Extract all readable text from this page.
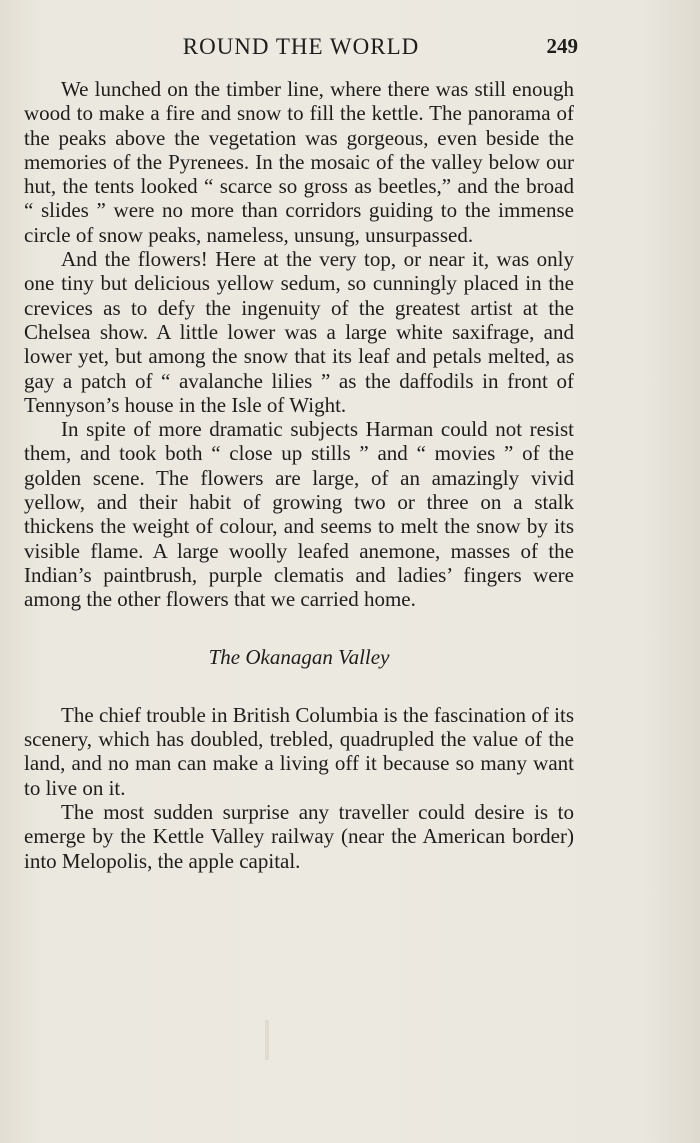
ROUND THE WORLD	249

We lunched on the timber line, where there was still enough wood to make a fire and snow to fill the kettle. The panorama of the peaks above the vegetation was gorgeous, even beside the memories of the Pyrenees. In the mosaic of the valley below our hut, the tents looked “ scarce so gross as beetles,” and the broad “ slides ” were no more than corridors guiding to the immense circle of snow peaks, nameless, unsung, unsurpassed.

And the flowers! Here at the very top, or near it, was only one tiny but delicious yellow sedum, so cunningly placed in the crevices as to defy the ingenuity of the greatest artist at the Chelsea show. A little lower was a large white saxifrage, and lower yet, but among the snow that its leaf and petals melted, as gay a patch of “ avalanche lilies ” as the daffodils in front of Tennyson’s house in the Isle of Wight.

In spite of more dramatic subjects Harman could not resist them, and took both “ close up stills ” and “ movies ” of the golden scene. The flowers are large, of an amazingly vivid yellow, and their habit of growing two or three on a stalk thickens the weight of colour, and seems to melt the snow by its visible flame. A large woolly leafed anemone, masses of the Indian’s paintbrush, purple clematis and ladies’ fingers were among the other flowers that we carried home.

The Okanagan Valley

The chief trouble in British Columbia is the fascination of its scenery, which has doubled, trebled, quadrupled the value of the land, and no man can make a living off it because so many want to live on it.

The most sudden surprise any traveller could desire is to emerge by the Kettle Valley railway (near the American border) into Melopolis, the apple capital.
